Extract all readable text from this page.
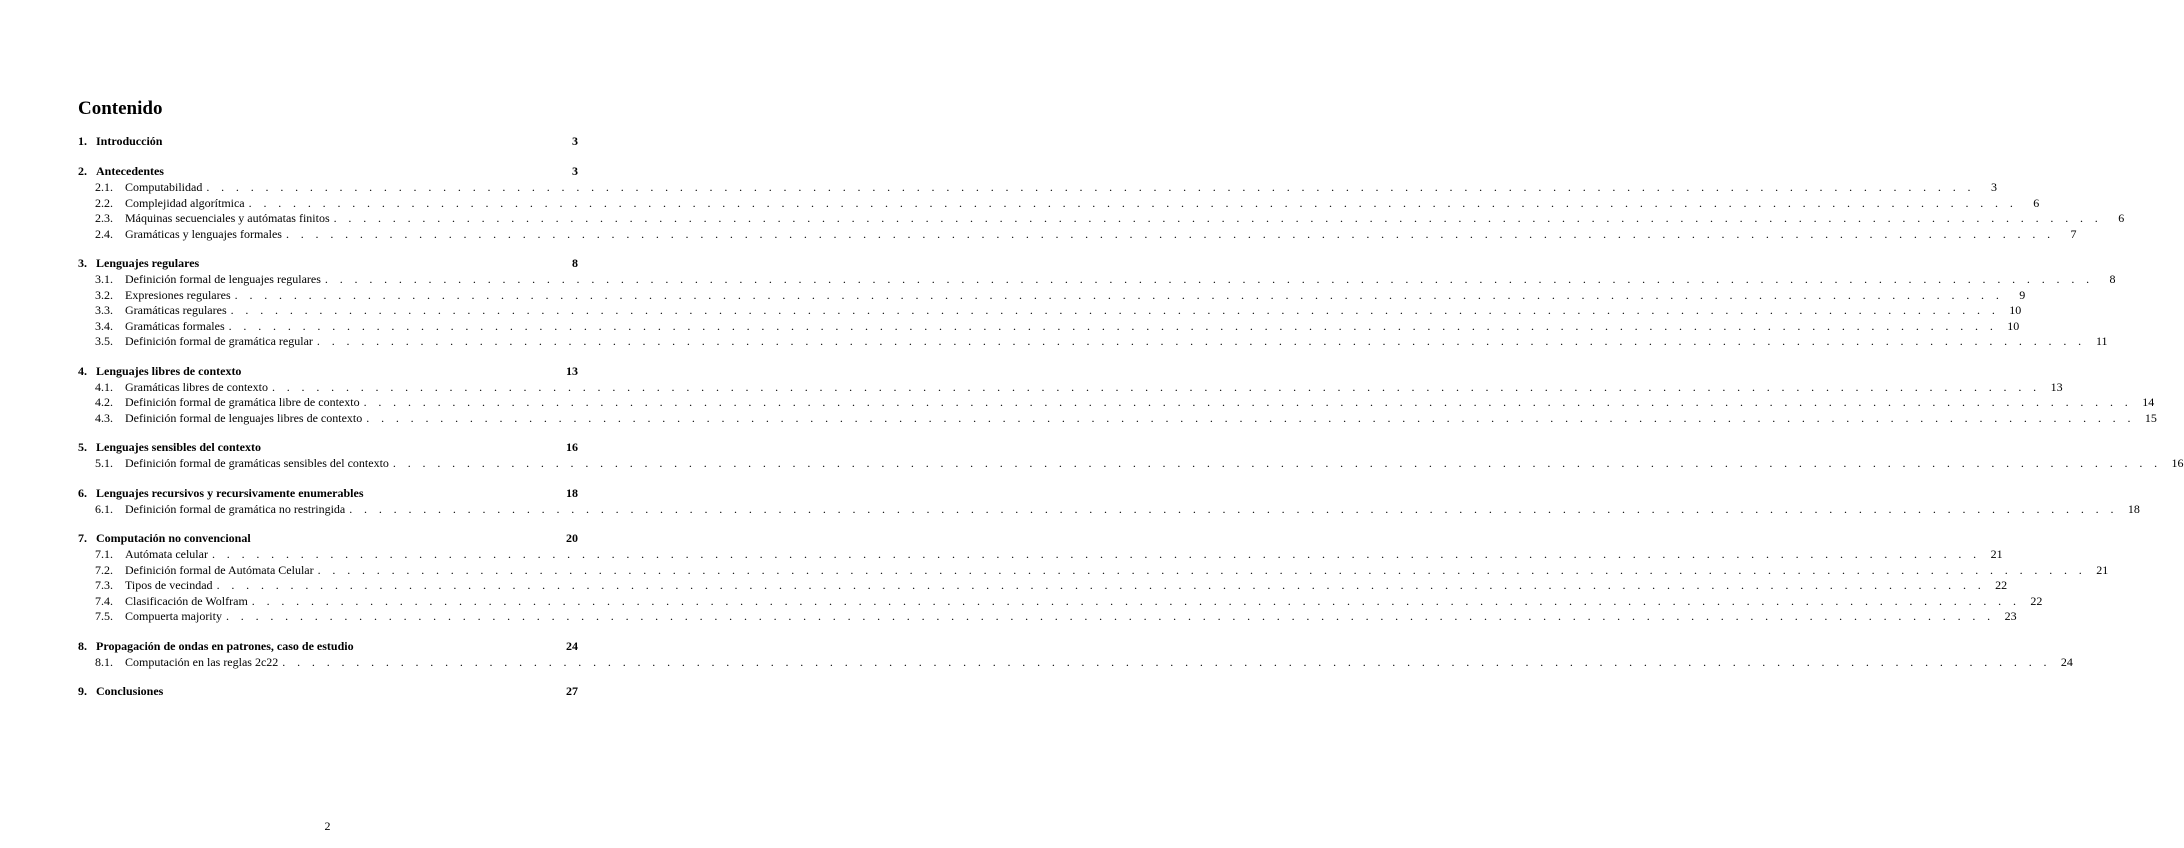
Contenido
1. Introducción	3
2. Antecedentes	3
2.1.	Computabilidad . . . . . . . . . . . . . . . . . . . . . . . . . . . . . . . . . . . . . . . . . . . . . . . . . . . . . . . . . . . . . . . . . . . . . . . . . . . . . . . . . . . . . . . . . . . . . . . . . . . . . . . . . . . . . . . . . . . . . . . .	3
2.2.	Complejidad algorítmica . . . . . . . . . . . . . . . . . . . . . . . . . . . . . . . . . . . . . . . . . . . . . . . . . . . . . . . . . . . . . . . . . . . . . . . . . . . . . . . . . . . . . . . . . . . . . . . . . . . . . . . . . . . . . . . . . . . . . . . .	6
2.3.	Máquinas secuenciales y autómatas finitos . . . . . . . . . . . . . . . . . . . . . . . . . . . . . . . . . . . . . . . . . . . . . . . . . . . . . . . . . . . . . . . . . . . . . . . . . . . . . . . . . . . . . . . . . . . . . . . . . . . . . . . . . . . . . . . . . . . . . . . .	6
2.4.	Gramáticas y lenguajes formales . . . . . . . . . . . . . . . . . . . . . . . . . . . . . . . . . . . . . . . . . . . . . . . . . . . . . . . . . . . . . . . . . . . . . . . . . . . . . . . . . . . . . . . . . . . . . . . . . . . . . . . . . . . . . . . . . . . . . . . .	7
3. Lenguajes regulares	8
3.1.	Definición formal de lenguajes regulares . . . . . . . . . . . . . . . . . . . . . . . . . . . . . . . . . . . . . . . . . . . . . . . . . . . . . . . . . . . . . . . . . . . . . . . . . . . . . . . . . . . . . . . . . . . . . . . . . . . . . . . . . . . . . . . . . . . . . . . .	8
3.2.	Expresiones regulares . . . . . . . . . . . . . . . . . . . . . . . . . . . . . . . . . . . . . . . . . . . . . . . . . . . . . . . . . . . . . . . . . . . . . . . . . . . . . . . . . . . . . . . . . . . . . . . . . . . . . . . . . . . . . . . . . . . . . . . .	9
3.3.	Gramáticas regulares . . . . . . . . . . . . . . . . . . . . . . . . . . . . . . . . . . . . . . . . . . . . . . . . . . . . . . . . . . . . . . . . . . . . . . . . . . . . . . . . . . . . . . . . . . . . . . . . . . . . . . . . . . . . . . . . . . . . . . . . 10
3.4.	Gramáticas formales . . . . . . . . . . . . . . . . . . . . . . . . . . . . . . . . . . . . . . . . . . . . . . . . . . . . . . . . . . . . . . . . . . . . . . . . . . . . . . . . . . . . . . . . . . . . . . . . . . . . . . . . . . . . . . . . . . . . . . . . 10
3.5.	Definición formal de gramática regular . . . . . . . . . . . . . . . . . . . . . . . . . . . . . . . . . . . . . . . . . . . . . . . . . . . . . . . . . . . . . . . . . . . . . . . . . . . . . . . . . . . . . . . . . . . . . . . . . . . . . . . . . . . . . . . . . . . . . . . . 11
4. Lenguajes libres de contexto	13
4.1.	Gramáticas libres de contexto . . . . . . . . . . . . . . . . . . . . . . . . . . . . . . . . . . . . . . . . . . . . . . . . . . . . . . . . . . . . . . . . . . . . . . . . . . . . . . . . . . . . . . . . . . . . . . . . . . . . . . . . . . . . . . . . . . . . . . . . 13
4.2.	Definición formal de gramática libre de contexto . . . . . . . . . . . . . . . . . . . . . . . . . . . . . . . . . . . . . . . . . . . . . . . . . . . . . . . . . . . . . . . . . . . . . . . . . . . . . . . . . . . . . . . . . . . . . . . . . . . . . . . . . . . . . . . . . . . . . . . . 14
4.3.	Definición formal de lenguajes libres de contexto . . . . . . . . . . . . . . . . . . . . . . . . . . . . . . . . . . . . . . . . . . . . . . . . . . . . . . . . . . . . . . . . . . . . . . . . . . . . . . . . . . . . . . . . . . . . . . . . . . . . . . . . . . . . . . . . . . . . . . . . 15
5. Lenguajes sensibles del contexto	16
5.1.	Definición formal de gramáticas sensibles del contexto . . . . . . . . . . . . . . . . . . . . . . . . . . . . . . . . . . . . . . . . . . . . . . . . . . . . . . . . . . . . . . . . . . . . . . . . . . . . . . . . . . . . . . . . . . . . . . . . . . . . . . . . . . . . . . . . . . . . . . . . 16
6. Lenguajes recursivos y recursivamente enumerables	18
6.1.	Definición formal de gramática no restringida . . . . . . . . . . . . . . . . . . . . . . . . . . . . . . . . . . . . . . . . . . . . . . . . . . . . . . . . . . . . . . . . . . . . . . . . . . . . . . . . . . . . . . . . . . . . . . . . . . . . . . . . . . . . . . . . . . . . . . . . 18
7. Computación no convencional	20
7.1.	Autómata celular . . . . . . . . . . . . . . . . . . . . . . . . . . . . . . . . . . . . . . . . . . . . . . . . . . . . . . . . . . . . . . . . . . . . . . . . . . . . . . . . . . . . . . . . . . . . . . . . . . . . . . . . . . . . . . . . . . . . . . . . 21
7.2.	Definición formal de Autómata Celular . . . . . . . . . . . . . . . . . . . . . . . . . . . . . . . . . . . . . . . . . . . . . . . . . . . . . . . . . . . . . . . . . . . . . . . . . . . . . . . . . . . . . . . . . . . . . . . . . . . . . . . . . . . . . . . . . . . . . . . . 21
7.3.	Tipos de vecindad . . . . . . . . . . . . . . . . . . . . . . . . . . . . . . . . . . . . . . . . . . . . . . . . . . . . . . . . . . . . . . . . . . . . . . . . . . . . . . . . . . . . . . . . . . . . . . . . . . . . . . . . . . . . . . . . . . . . . . . . 22
7.4.	Clasificación de Wolfram . . . . . . . . . . . . . . . . . . . . . . . . . . . . . . . . . . . . . . . . . . . . . . . . . . . . . . . . . . . . . . . . . . . . . . . . . . . . . . . . . . . . . . . . . . . . . . . . . . . . . . . . . . . . . . . . . . . . . . . . 22
7.5.	Compuerta majority . . . . . . . . . . . . . . . . . . . . . . . . . . . . . . . . . . . . . . . . . . . . . . . . . . . . . . . . . . . . . . . . . . . . . . . . . . . . . . . . . . . . . . . . . . . . . . . . . . . . . . . . . . . . . . . . . . . . . . . . 23
8. Propagación de ondas en patrones, caso de estudio	24
8.1.	Computación en las reglas 2c22 . . . . . . . . . . . . . . . . . . . . . . . . . . . . . . . . . . . . . . . . . . . . . . . . . . . . . . . . . . . . . . . . . . . . . . . . . . . . . . . . . . . . . . . . . . . . . . . . . . . . . . . . . . . . . . . . . . . . . . . . 24
9. Conclusiones	27
2
